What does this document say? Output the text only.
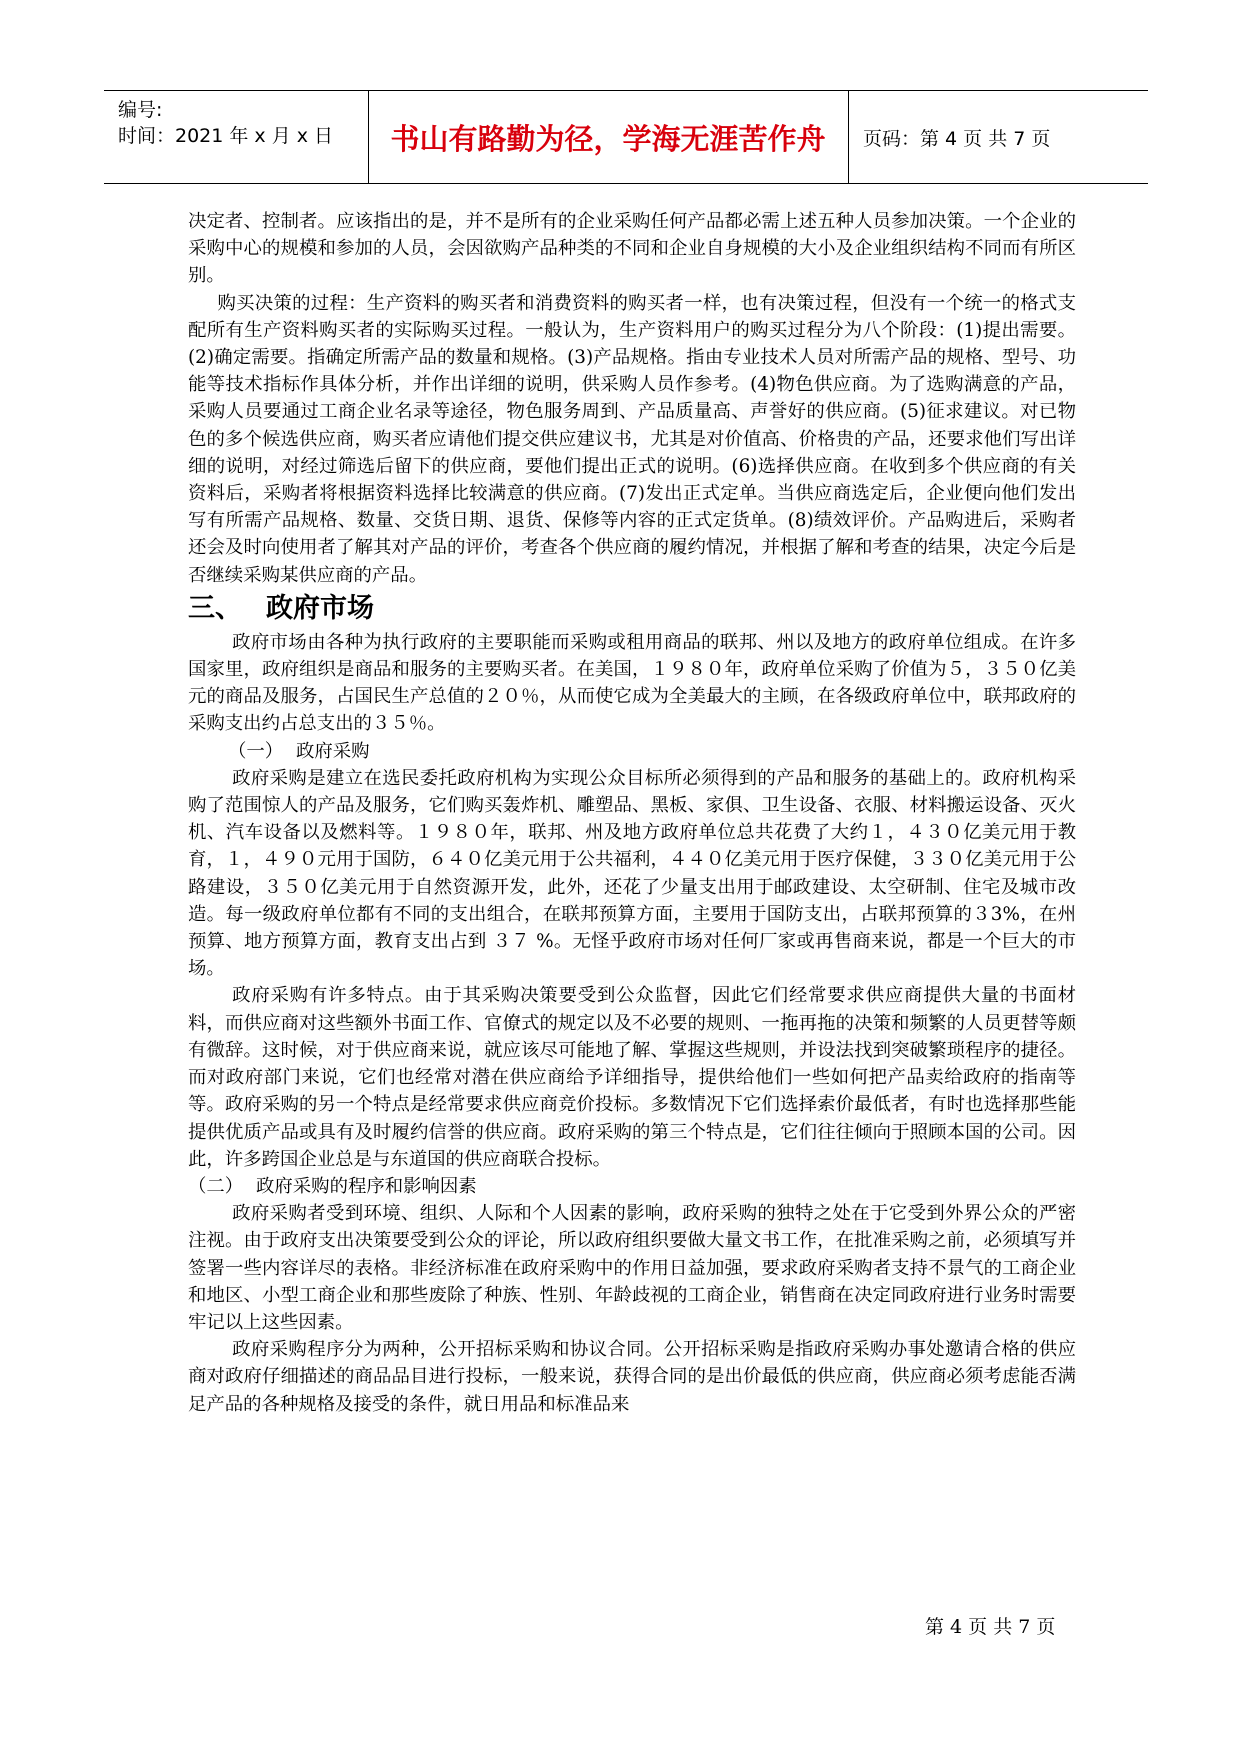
编号:
时间：2021 年 x 月 x 日 书山有路勤为径，学海无涯苦作舟 页码：第 4 页 共 7 页

决定者、控制者。应该指出的是，并不是所有的企业采购任何产品都必需上述五种人员参加决策。一个企业的采购中心的规模和参加的人员，会因欲购产品种类的不同和企业自身规模的大小及企业组织结构不同而有所区别。

购买决策的过程：生产资料的购买者和消费资料的购买者一样，也有决策过程，但没有一个统一的格式支配所有生产资料购买者的实际购买过程。一般认为，生产资料用户的购买过程分为八个阶段：(1)提出需要。(2)确定需要。指确定所需产品的数量和规格。(3)产品规格。指由专业技术人员对所需产品的规格、型号、功能等技术指标作具体分析，并作出详细的说明，供采购人员作参考。(4)物色供应商。为了选购满意的产品，采购人员要通过工商企业名录等途径，物色服务周到、产品质量高、声誉好的供应商。(5)征求建议。对已物色的多个候选供应商，购买者应请他们提交供应建议书，尤其是对价值高、价格贵的产品，还要求他们写出详细的说明，对经过筛选后留下的供应商，要他们提出正式的说明。(6)选择供应商。在收到多个供应商的有关资料后，采购者将根据资料选择比较满意的供应商。(7)发出正式定单。当供应商选定后，企业便向他们发出写有所需产品规格、数量、交货日期、退货、保修等内容的正式定货单。(8)绩效评价。产品购进后，采购者还会及时向使用者了解其对产品的评价，考查各个供应商的履约情况，并根据了解和考查的结果，决定今后是否继续采购某供应商的产品。

三、 政府市场

政府市场由各种为执行政府的主要职能而采购或租用商品的联邦、州以及地方的政府单位组成。在许多国家里，政府组织是商品和服务的主要购买者。在美国，１９８０年，政府单位采购了价值为５，３５０亿美元的商品及服务，占国民生产总值的２０％，从而使它成为全美最大的主顾，在各级政府单位中，联邦政府的采购支出约占总支出的３５％。

（一） 政府采购

政府采购是建立在选民委托政府机构为实现公众目标所必须得到的产品和服务的基础上的。政府机构采购了范围惊人的产品及服务，它们购买轰炸机、雕塑品、黑板、家俱、卫生设备、衣服、材料搬运设备、灭火机、汽车设备以及燃料等。１９８０年，联邦、州及地方政府单位总共花费了大约１，４３０亿美元用于教育，１，４９０元用于国防，６４０亿美元用于公共福利，４４０亿美元用于医疗保健，３３０亿美元用于公路建设，３５０亿美元用于自然资源开发，此外，还花了少量支出用于邮政建设、太空研制、住宅及城市改造。每一级政府单位都有不同的支出组合，在联邦预算方面，主要用于国防支出，占联邦预算的３3%，在州预算、地方预算方面，教育支出占到 ３７ %。无怪乎政府市场对任何厂家或再售商来说，都是一个巨大的市场。

政府采购有许多特点。由于其采购决策要受到公众监督，因此它们经常要求供应商提供大量的书面材料，而供应商对这些额外书面工作、官僚式的规定以及不必要的规则、一拖再拖的决策和频繁的人员更替等颇有微辞。这时候，对于供应商来说，就应该尽可能地了解、掌握这些规则，并设法找到突破繁琐程序的捷径。而对政府部门来说，它们也经常对潜在供应商给予详细指导，提供给他们一些如何把产品卖给政府的指南等等。政府采购的另一个特点是经常要求供应商竞价投标。多数情况下它们选择索价最低者，有时也选择那些能提供优质产品或具有及时履约信誉的供应商。政府采购的第三个特点是，它们往往倾向于照顾本国的公司。因此，许多跨国企业总是与东道国的供应商联合投标。

（二） 政府采购的程序和影响因素

政府采购者受到环境、组织、人际和个人因素的影响，政府采购的独特之处在于它受到外界公众的严密注视。由于政府支出决策要受到公众的评论，所以政府组织要做大量文书工作，在批准采购之前，必须填写并签署一些内容详尽的表格。非经济标准在政府采购中的作用日益加强，要求政府采购者支持不景气的工商企业和地区、小型工商企业和那些废除了种族、性别、年龄歧视的工商企业，销售商在决定同政府进行业务时需要牢记以上这些因素。

政府采购程序分为两种，公开招标采购和协议合同。公开招标采购是指政府采购办事处邀请合格的供应商对政府仔细描述的商品品目进行投标，一般来说，获得合同的是出价最低的供应商，供应商必须考虑能否满足产品的各种规格及接受的条件，就日用品和标准品来

第 4 页 共 7 页
